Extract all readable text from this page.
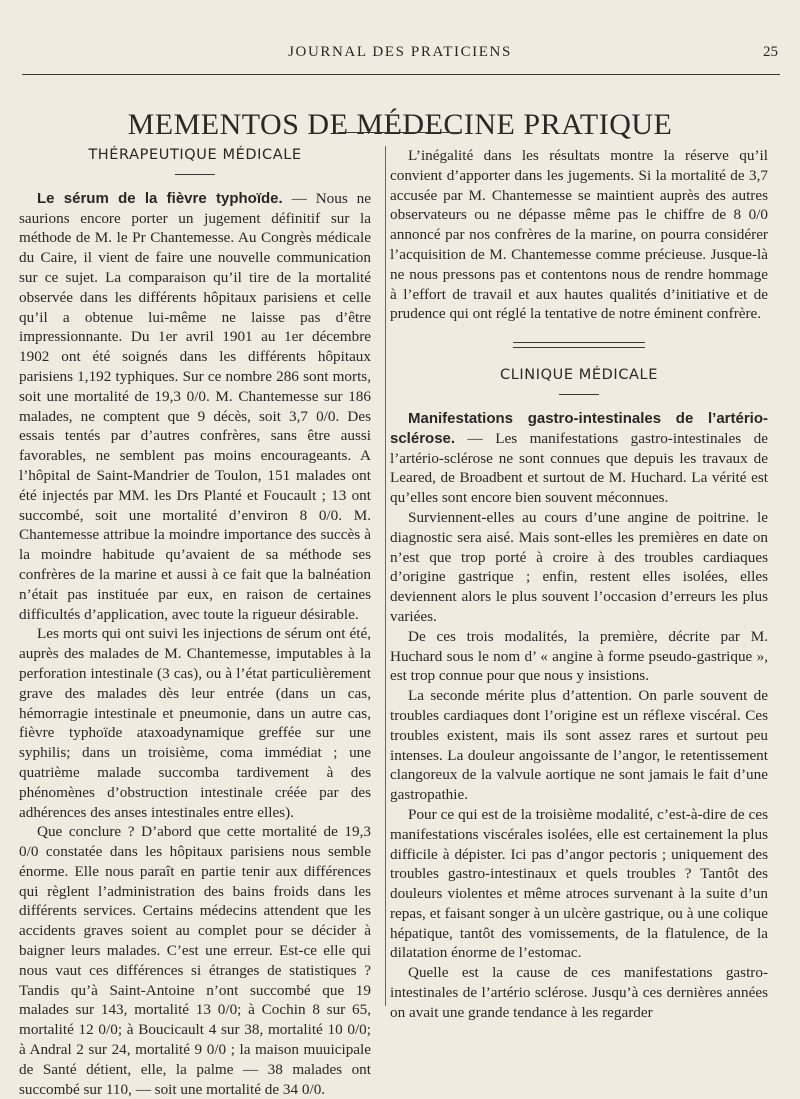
JOURNAL DES PRATICIENS	25
MEMENTOS DE MÉDECINE PRATIQUE
THÉRAPEUTIQUE MÉDICALE

Le sérum de la fièvre typhoïde. — Nous ne saurions encore porter un jugement définitif sur la méthode de M. le Pr Chantemesse. Au Congrès médicale du Caire, il vient de faire une nouvelle communication sur ce sujet. La comparaison qu’il tire de la mortalité observée dans les différents hôpitaux parisiens et celle qu’il a obtenue lui-même ne laisse pas d’être impressionnante. Du 1er avril 1901 au 1er décembre 1902 ont été soignés dans les différents hôpitaux parisiens 1,192 typhiques. Sur ce nombre 286 sont morts, soit une mortalité de 19,3 0/0. M. Chantemesse sur 186 malades, ne comptent que 9 décès, soit 3,7 0/0. Des essais tentés par d’autres confrères, sans être aussi favorables, ne semblent pas moins encourageants. A l’hôpital de Saint-Mandrier de Toulon, 151 malades ont été injectés par MM. les Drs Planté et Foucault ; 13 ont succombé, soit une mortalité d’environ 8 0/0. M. Chantemesse attribue la moindre importance des succès à la moindre habitude qu’avaient de sa méthode ses confrères de la marine et aussi à ce fait que la balnéation n’était pas instituée par eux, en raison de certaines difficultés d’application, avec toute la rigueur désirable.

Les morts qui ont suivi les injections de sérum ont été, auprès des malades de M. Chantemesse, imputables à la perforation intestinale (3 cas), ou à l’état particulièrement grave des malades dès leur entrée (dans un cas, hémorragie intestinale et pneumonie, dans un autre cas, fièvre typhoïde ataxoadynamique greffée sur une syphilis; dans un troisième, coma immédiat ; une quatrième malade succomba tardivement à des phénomènes d’obstruction intestinale créée par des adhérences des anses intestinales entre elles).

Que conclure ? D’abord que cette mortalité de 19,3 0/0 constatée dans les hôpitaux parisiens nous semble énorme. Elle nous paraît en partie tenir aux différences qui règlent l’administration des bains froids dans les différents services. Certains médecins attendent que les accidents graves soient au complet pour se décider à baigner leurs malades. C’est une erreur. Est-ce elle qui nous vaut ces différences si étranges de statistiques ? Tandis qu’à Saint-Antoine n’ont succombé que 19 malades sur 143, mortalité 13 0/0; à Cochin 8 sur 65, mortalité 12 0/0; à Boucicault 4 sur 38, mortalité 10 0/0; à Andral 2 sur 24, mortalité 9 0/0 ; la maison muuicipale de Santé détient, elle, la palme — 38 malades ont succombé sur 110, — soit une mortalité de 34 0/0.

L’inégalité dans les résultats montre la réserve qu’il convient d’apporter dans les jugements. Si la mortalité de 3,7 accusée par M. Chantemesse se maintient auprès des autres observateurs ou ne dépasse même pas le chiffre de 8 0/0 annoncé par nos confrères de la marine, on pourra considérer l’acquisition de M. Chantemesse comme précieuse. Jusque-là ne nous pressons pas et contentons nous de rendre hommage à l’effort de travail et aux hautes qualités d’initiative et de prudence qui ont réglé la tentative de notre éminent confrère.

CLINIQUE MÉDICALE

Manifestations gastro-intestinales de l’artério-sclérose. — Les manifestations gastro-intestinales de l’artério-sclérose ne sont connues que depuis les travaux de Leared, de Broadbent et surtout de M. Huchard. La vérité est qu’elles sont encore bien souvent méconnues.

Surviennent-elles au cours d’une angine de poitrine. le diagnostic sera aisé. Mais sont-elles les premières en date on n’est que trop porté à croire à des troubles cardiaques d’origine gastrique ; enfin, restent elles isolées, elles deviennent alors le plus souvent l’occasion d’erreurs les plus variées.

De ces trois modalités, la première, décrite par M. Huchard sous le nom d’ « angine à forme pseudo-gastrique », est trop connue pour que nous y insistions.

La seconde mérite plus d’attention. On parle souvent de troubles cardiaques dont l’origine est un réflexe viscéral. Ces troubles existent, mais ils sont assez rares et surtout peu intenses. La douleur angoissante de l’angor, le retentissement clangoreux de la valvule aortique ne sont jamais le fait d’une gastropathie.

Pour ce qui est de la troisième modalité, c’est-à-dire de ces manifestations viscérales isolées, elle est certainement la plus difficile à dépister. Ici pas d’angor pectoris ; uniquement des troubles gastro-intestinaux et quels troubles ? Tantôt des douleurs violentes et même atroces survenant à la suite d’un repas, et faisant songer à un ulcère gastrique, ou à une colique hépatique, tantôt des vomissements, de la flatulence, de la dilatation énorme de l’estomac.

Quelle est la cause de ces manifestations gastro-intestinales de l’artério sclérose. Jusqu’à ces dernières années on avait une grande tendance à les regarder
